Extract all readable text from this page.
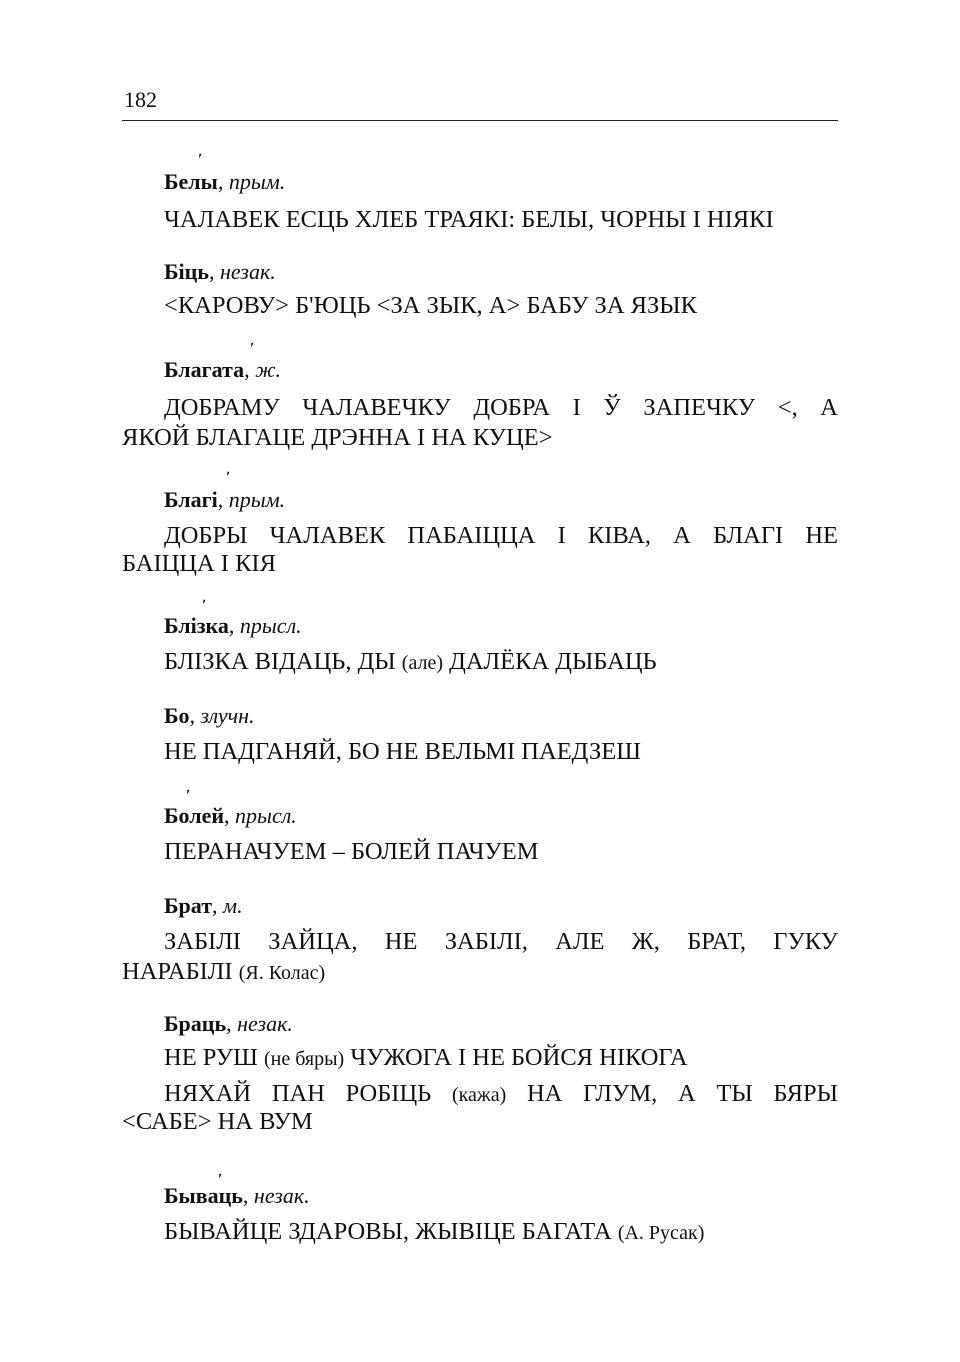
182
ʹ
Белы, прым.
ЧАЛАВЕК ЕСЦЬ ХЛЕБ ТРАЯКІ: БЕЛЫ, ЧОРНЫ І НІЯКІ
Біць, незак.
<КАРОВУ> Б'ЮЦЬ <ЗА ЗЫК, А> БАБУ ЗА ЯЗЫК
ʹ
Благата, ж.
ДОБРАМУ ЧАЛАВЕЧКУ ДОБРА І Ў ЗАПЕЧКУ <, А
ЯКОЙ БЛАГАЦЕ ДРЭННА І НА КУЦЕ>
ʹ
Благі, прым.
ДОБРЫ ЧАЛАВЕК ПАБАІЦЦА І КІВА, А БЛАГІ НЕ
БАІЦЦА І КІЯ
ʹ
Блізка, прысл.
БЛІЗКА ВІДАЦЬ, ДЫ (але) ДАЛЁКА ДЫБАЦЬ
Бо, злучн.
НЕ ПАДГАНЯЙ, БО НЕ ВЕЛЬМІ ПАЕДЗЕШ
ʹ
Болей, прысл.
ПЕРАНАЧУЕМ – БОЛЕЙ ПАЧУЕМ
Брат, м.
ЗАБІЛІ ЗАЙЦА, НЕ ЗАБІЛІ, АЛЕ Ж, БРАТ, ГУКУ
НАРАБІЛІ (Я. Колас)
Браць, незак.
НЕ РУШ (не бяры) ЧУЖОГА І НЕ БОЙСЯ НІКОГА
НЯХАЙ ПАН РОБІЦЬ (кажа) НА ГЛУМ, А ТЫ БЯРЫ
<САБЕ> НА ВУМ
ʹ
Бываць, незак.
БЫВАЙЦЕ ЗДАРОВЫ, ЖЫВІЦЕ БАГАТА (А. Русак)
